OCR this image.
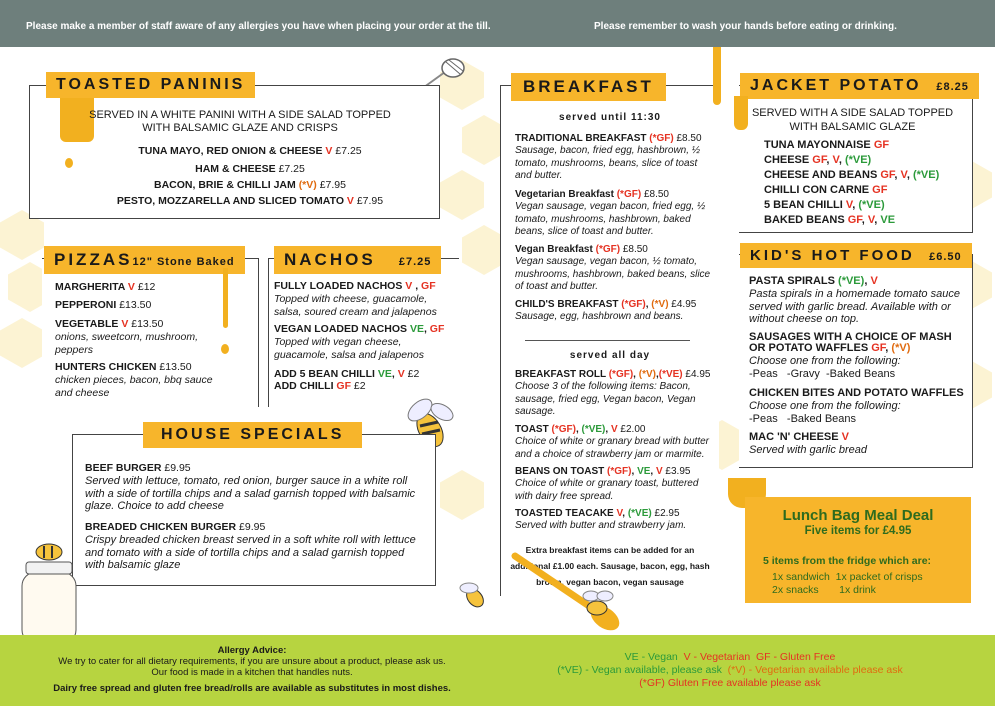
Please make a member of staff aware of any allergies you have when placing your order at the till.	Please remember to wash your hands before eating or drinking.
TOASTED PANINIS
SERVED IN A WHITE PANINI WITH A SIDE SALAD TOPPED
WITH BALSAMIC GLAZE AND CRISPS
TUNA MAYO, RED ONION & CHEESE V £7.25
HAM & CHEESE £7.25
BACON, BRIE & CHILLI JAM (*V) £7.95
PESTO, MOZZARELLA AND SLICED TOMATO V £7.95
PIZZAS12" Stone Baked
MARGHERITA V £12
PEPPERONI £13.50
VEGETABLE V £13.50
onions, sweetcorn, mushroom, peppers
HUNTERS CHICKEN £13.50
chicken pieces, bacon, bbq sauce and cheese
NACHOS £7.25
FULLY LOADED NACHOS V , GF
Topped with cheese, guacamole, salsa, soured cream and jalapenos
VEGAN LOADED NACHOS VE, GF
Topped with vegan cheese, guacamole, salsa and jalapenos
ADD 5 BEAN CHILLI VE, V £2
ADD CHILLI GF £2
HOUSE SPECIALS
BEEF BURGER £9.95
Served with lettuce, tomato, red onion, burger sauce in a white roll with a side of tortilla chips and a salad garnish topped with balsamic glaze. Choice to add cheese
BREADED CHICKEN BURGER £9.95
Crispy breaded chicken breast served in a soft white roll with lettuce and tomato with a side of tortilla chips and a salad garnish topped with balsamic glaze
BREAKFAST
served until 11:30
TRADITIONAL BREAKFAST (*GF) £8.50
Sausage, bacon, fried egg, hashbrown, ½ tomato, mushrooms, beans, slice of toast and butter.
Vegetarian Breakfast (*GF) £8.50
Vegan sausage, vegan bacon, fried egg, ½ tomato, mushrooms, hashbrown, baked beans, slice of toast and butter.
Vegan Breakfast (*GF) £8.50
Vegan sausage, vegan bacon, ½ tomato, mushrooms, hashbrown, baked beans, slice of toast and butter.
CHILD'S BREAKFAST (*GF), (*V) £4.95
Sausage, egg, hashbrown and beans.
served all day
BREAKFAST ROLL (*GF), (*V),(*VE) £4.95
Choose 3 of the following items: Bacon, sausage, fried egg, Vegan bacon, Vegan sausage.
TOAST (*GF), (*VE), V £2.00
Choice of white or granary bread with butter and a choice of strawberry jam or marmite.
BEANS ON TOAST (*GF), VE, V £3.95
Choice of white or granary toast, buttered with dairy free spread.
TOASTED TEACAKE V, (*VE) £2.95
Served with butter and strawberry jam.
Extra breakfast items can be added for an additional £1.00 each. Sausage, bacon, egg, hash brown, vegan bacon, vegan sausage
JACKET POTATO £8.25
SERVED WITH A SIDE SALAD TOPPED
WITH BALSAMIC GLAZE
TUNA MAYONNAISE GF
CHEESE GF, V, (*VE)
CHEESE AND BEANS GF, V, (*VE)
CHILLI CON CARNE GF
5 BEAN CHILLI V, (*VE)
BAKED BEANS GF, V, VE
KID'S HOT FOOD £6.50
PASTA SPIRALS (*VE), V
Pasta spirals in a homemade tomato sauce served with garlic bread. Available with or without cheese on top.
SAUSAGES WITH A CHOICE OF MASH OR POTATO WAFFLES GF, (*V)
Choose one from the following:
-Peas   -Gravy  -Baked Beans
CHICKEN BITES AND POTATO WAFFLES
Choose one from the following:
-Peas   -Baked Beans
MAC 'N' CHEESE V
Served with garlic bread
Lunch Bag Meal Deal
Five items for £4.95
5 items from the fridge which are:
1x sandwich 1x packet of crisps
2x snacks 1x drink
Allergy Advice:
We try to cater for all dietary requirements, if you are unsure about a product, please ask us.
Our food is made in a kitchen that handles nuts.
Dairy free spread and gluten free bread/rolls are available as substitutes in most dishes.
VE - Vegan V - Vegetarian GF - Gluten Free
(*VE) - Vegan available, please ask (*V) - Vegetarian available please ask
(*GF) Gluten Free available please ask
